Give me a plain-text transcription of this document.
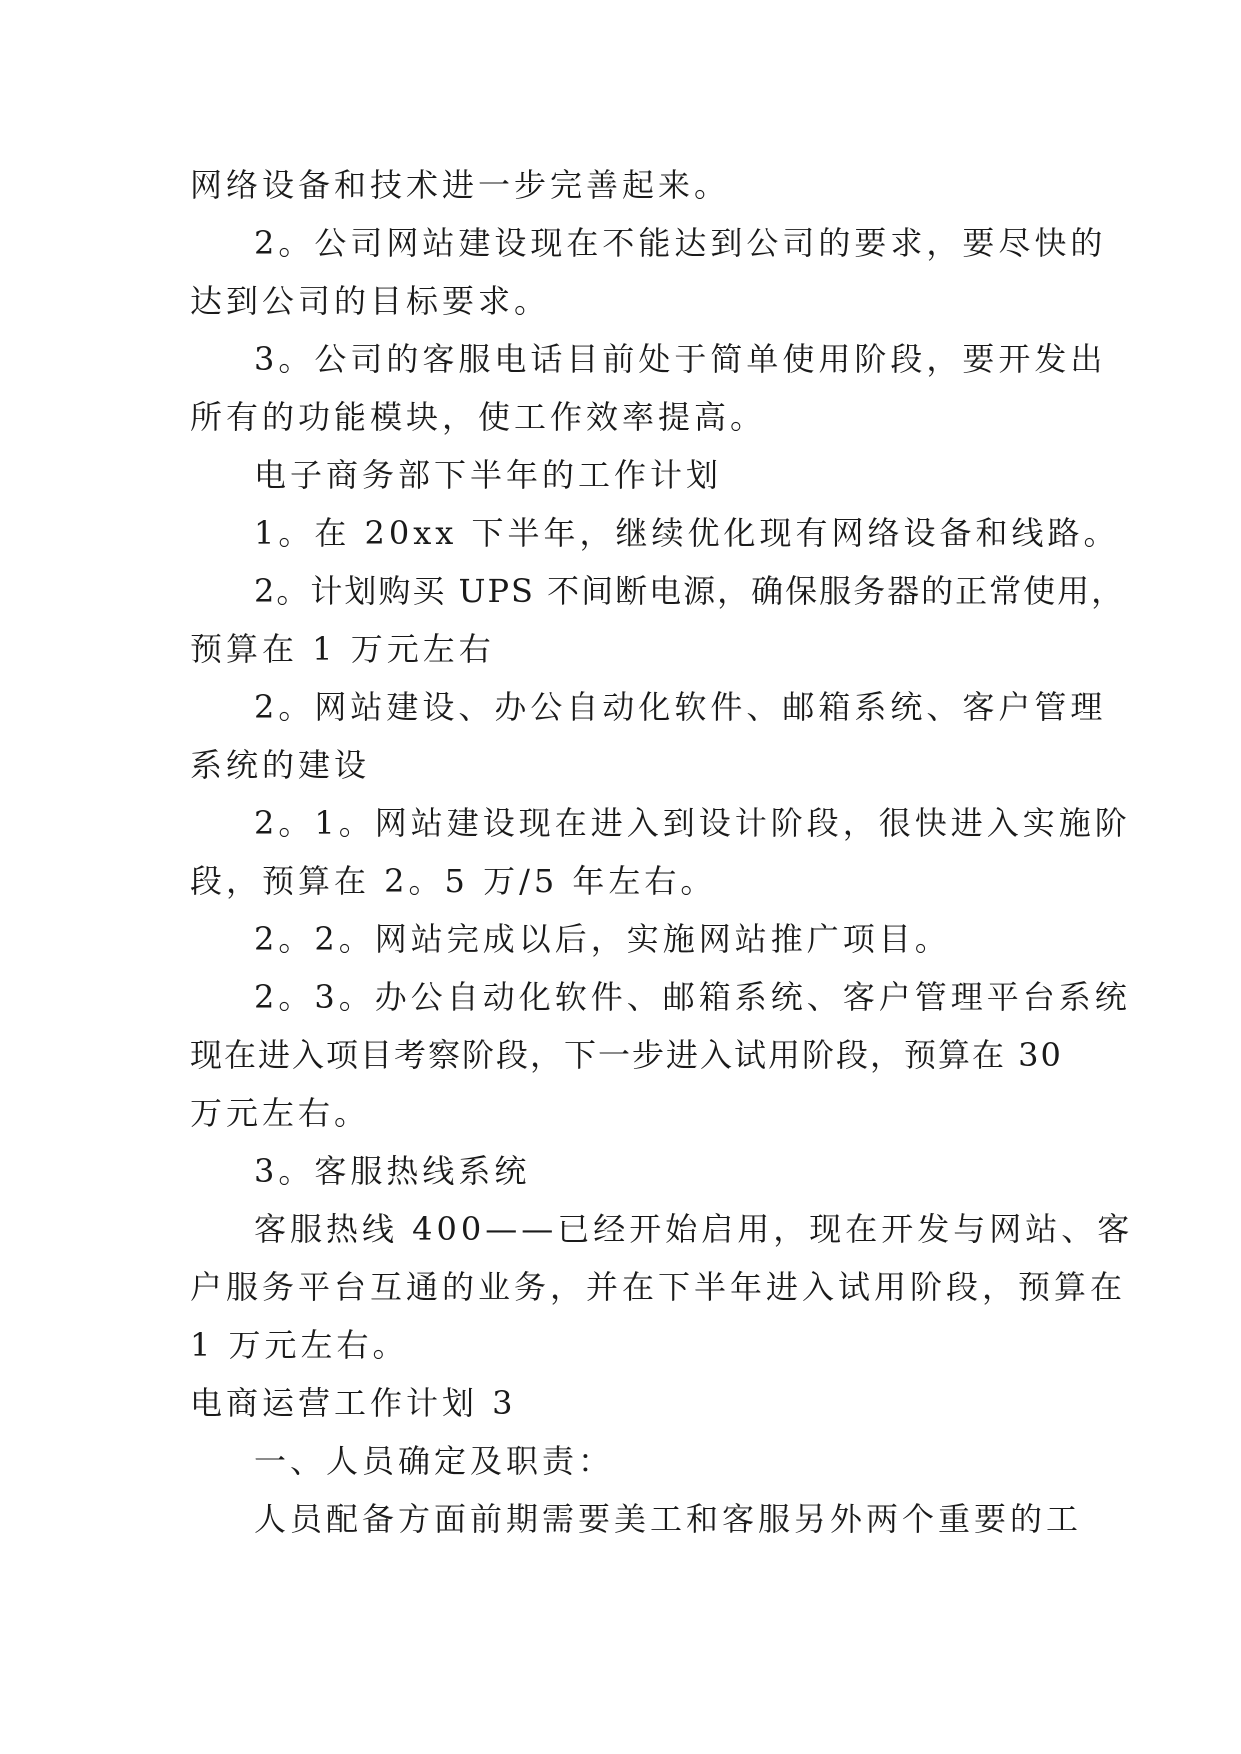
网络设备和技术进一步完善起来。
2。公司网站建设现在不能达到公司的要求，要尽快的
达到公司的目标要求。
3。公司的客服电话目前处于简单使用阶段，要开发出
所有的功能模块，使工作效率提高。
电子商务部下半年的工作计划
1。在 20xx 下半年，继续优化现有网络设备和线路。
2。计划购买 UPS 不间断电源，确保服务器的正常使用，
预算在 1 万元左右
2。网站建设、办公自动化软件、邮箱系统、客户管理
系统的建设
2。1。网站建设现在进入到设计阶段，很快进入实施阶
段，预算在 2。5 万/5 年左右。
2。2。网站完成以后，实施网站推广项目。
2。3。办公自动化软件、邮箱系统、客户管理平台系统
现在进入项目考察阶段，下一步进入试用阶段，预算在 30
万元左右。
3。客服热线系统
客服热线 400——已经开始启用，现在开发与网站、客
户服务平台互通的业务，并在下半年进入试用阶段，预算在
1 万元左右。
电商运营工作计划 3
一、人员确定及职责：
人员配备方面前期需要美工和客服另外两个重要的工
